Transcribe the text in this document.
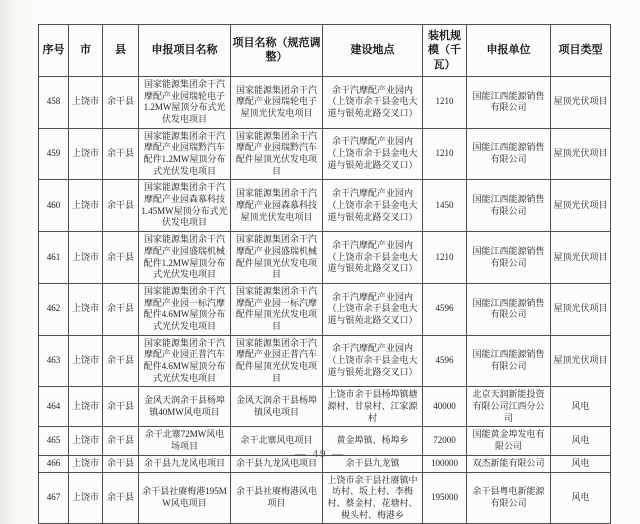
序号	市	县	申报项目名称	项目名称（规范调整）	建设地点	装机规模（千瓦）	申报单位	项目类型
458	上饶市	余干县	国家能源集团余干汽摩配产业园瑞轮电子1.2MW屋顶分布式光伏发电项目	国家能源集团余干汽摩配产业园瑞轮电子屋顶光伏发电项目	余干汽摩配产业园内（上饶市余干县金电大道与银苑北路交叉口）	1210	国能江西能源销售有限公司	屋顶光伏项目
459	上饶市	余干县	国家能源集团余干汽摩配产业园瑞黔汽车配件1.2MW屋顶分布式光伏发电项目	国家能源集团余干汽摩配产业园瑞黔汽车配件屋顶光伏发电项目	余干汽摩配产业园内（上饶市余干县金电大道与银苑北路交叉口）	1210	国能江西能源销售有限公司	屋顶光伏项目
460	上饶市	余干县	国家能源集团余干汽摩配产业园森慕科技1.45MW屋顶分布式光伏发电项目	国家能源集团余干汽摩配产业园森慕科技屋顶光伏发电项目	余干汽摩配产业园内（上饶市余干县金电大道与银苑北路交叉口）	1450	国能江西能源销售有限公司	屋顶光伏项目
461	上饶市	余干县	国家能源集团余干汽摩配产业园盛瑞机械配件1.2MW屋顶分布式光伏发电项目	国家能源集团余干汽摩配产业园盛瑞机械配件屋顶光伏发电项目	余干汽摩配产业园内（上饶市余干县金电大道与银苑北路交叉口）	1210	国能江西能源销售有限公司	屋顶光伏项目
462	上饶市	余干县	国家能源集团余干汽摩配产业园一标汽摩配件4.6MW屋顶分布式光伏发电项目	国家能源集团余干汽摩配产业园一标汽摩配件屋顶光伏发电项目	余干汽摩配产业园内（上饶市余干县金电大道与银苑北路交叉口）	4596	国能江西能源销售有限公司	屋顶光伏项目
463	上饶市	余干县	国家能源集团余干汽摩配产业园正普汽车配件4.6MW屋顶分布式光伏发电项目	国家能源集团余干汽摩配产业园正普汽车配件屋顶光伏发电项目	余干汽摩配产业园内（上饶市余干县金电大道与银苑北路交叉口）	4596	国能江西能源销售有限公司	屋顶光伏项目
464	上饶市	余干县	金风天润余干县杨埠镇40MW风电项目	金风天润余干县杨埠镇风电项目	上饶市余干县杨埠镇塘源村、甘泉村、江家源村	40000	北京天润新能投资有限公司江西分公司	风电
465	上饶市	余干县	余干北寨72MW风电场项目	余干北寨风电项目	黄金埠镇、杨埠乡	72000	国能黄金埠发电有限公司	风电
466	上饶市	余干县	余干县九龙风电项目	余干县九龙风电项目	余干县九龙镇	100000	双杰新能有限公司	风电
467	上饶市	余干县	余干县社赓梅港195MW风电项目	余干县社赓梅港风电项目	上饶市余干县社赓镇中坊村、坂上村、李梅村、蔡金村、花塘村、梘头村、梅港乡	195000	余干县粤电新能源有限公司	风电
— 49 —
